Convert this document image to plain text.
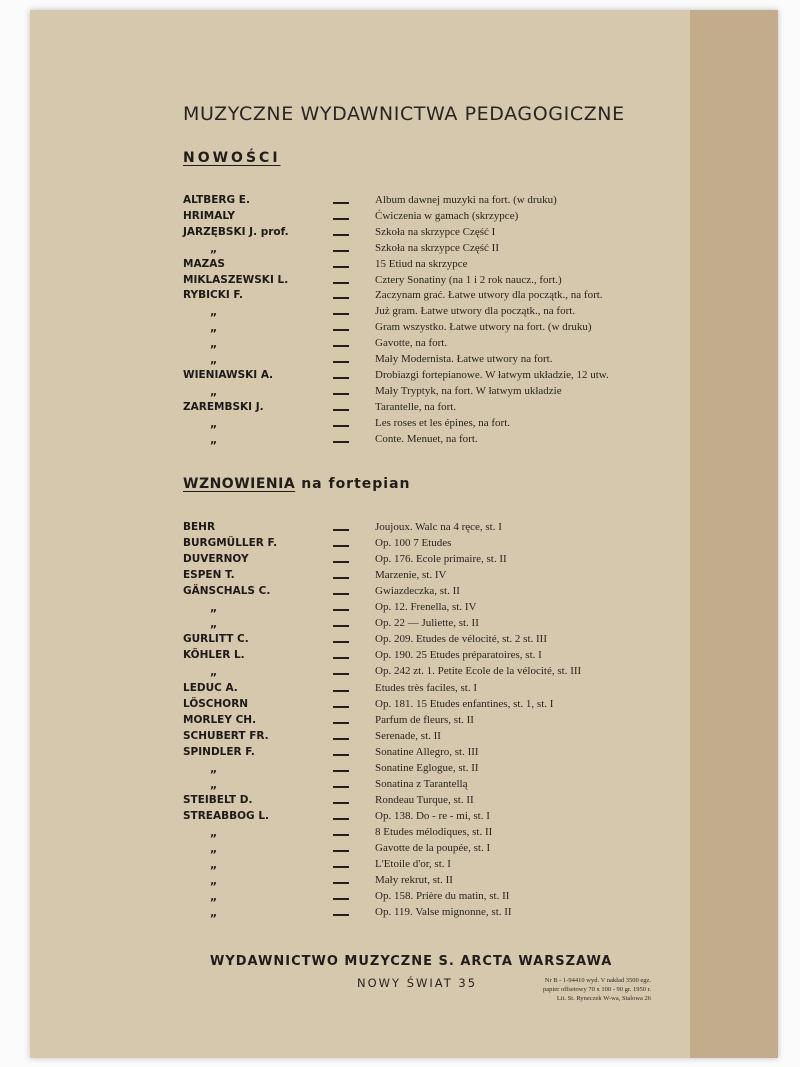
MUZYCZNE WYDAWNICTWA PEDAGOGICZNE
NOWOŚCI
ALTBERG E.	Album dawnej muzyki na fort. (w druku)
HRIMALY	Ćwiczenia w gamach (skrzypce)
JARZĘBSKI J. prof.	Szkoła na skrzypce Część I
„	Szkoła na skrzypce Część II
MAZAS	15 Etiud na skrzypce
MIKLASZEWSKI L.	Cztery Sonatiny (na 1 i 2 rok naucz., fort.)
RYBICKI F.	Zaczynam grać. Łatwe utwory dla początk., na fort.
„	Już gram. Łatwe utwory dla początk., na fort.
„	Gram wszystko. Łatwe utwory na fort. (w druku)
„	Gavotte, na fort.
„	Mały Modernista. Łatwe utwory na fort.
WIENIAWSKI A.	Drobiazgi fortepianowe. W łatwym układzie, 12 utw.
„	Mały Tryptyk, na fort. W łatwym układzie
ZAREMBSKI J.	Tarantelle, na fort.
„	Les roses et les épines, na fort.
„	Conte. Menuet, na fort.
WZNOWIENIA na fortepian
BEHR	Joujoux. Walc na 4 ręce, st. I
BURGMÜLLER F.	Op. 100 7 Etudes
DUVERNOY	Op. 176. Ecole primaire, st. II
ESPEN T.	Marzenie, st. IV
GÄNSCHALS C.	Gwiazdeczka, st. II
„	Op. 12. Frenella, st. IV
„	Op. 22 — Juliette, st. II
GURLITT C.	Op. 209. Etudes de vélocité, st. 2 st. III
KÖHLER L.	Op. 190. 25 Etudes préparatoires, st. I
„	Op. 242 zt. 1. Petite Ecole de la vélocité, st. III
LEDUC A.	Etudes très faciles, st. I
LÖSCHORN	Op. 181. 15 Etudes enfantines, st. 1, st. I
MORLEY CH.	Parfum de fleurs, st. II
SCHUBERT FR.	Serenade, st. II
SPINDLER F.	Sonatine Allegro, st. III
„	Sonatine Eglogue, st. II
„	Sonatina z Tarantellą
STEIBELT D.	Rondeau Turque, st. II
STREABBOG L.	Op. 138. Do - re - mi, st. I
„	8 Etudes mélodiques, st. II
„	Gavotte de la poupée, st. I
„	L'Etoile d'or, st. I
„	Mały rekrut, st. II
„	Op. 158. Prière du matin, st. II
„	Op. 119. Valse mignonne, st. II
WYDAWNICTWO MUZYCZNE S. ARCTA WARSZAWA
NOWY ŚWIAT 35	Nr B - 1-94410 wyd. V nakład 3500 egz.
papier offsetowy 70 x 100 - 90 gr. 1950 r.
Lit. St. Ryneczek W-wa, Stalowa 26
